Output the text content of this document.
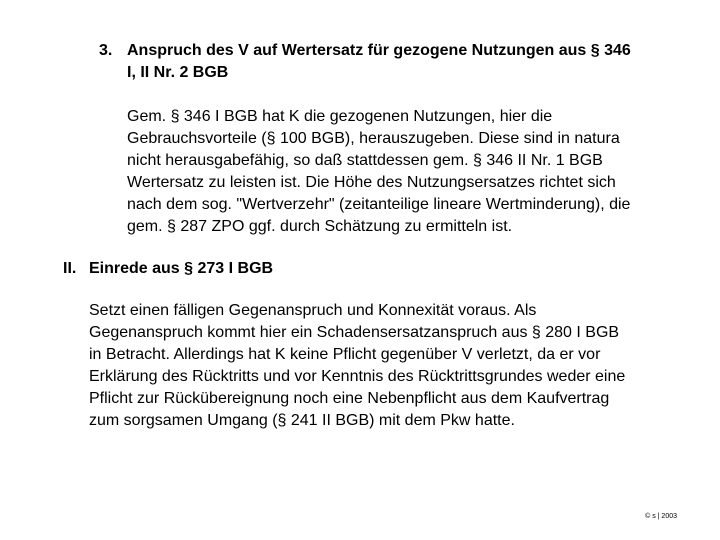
3. Anspruch des V auf Wertersatz für gezogene Nutzungen aus § 346
I, II Nr. 2 BGB
Gem. § 346 I BGB hat K die gezogenen Nutzungen, hier die
Gebrauchsvorteile (§ 100 BGB), herauszugeben. Diese sind in natura
nicht herausgabefähig, so daß stattdessen gem. § 346 II Nr. 1 BGB
Wertersatz zu leisten ist. Die Höhe des Nutzungsersatzes richtet sich
nach dem sog. "Wertverzehr" (zeitanteilige lineare Wertminderung), die
gem. § 287 ZPO ggf. durch Schätzung zu ermitteln ist.
II. Einrede aus § 273 I BGB
Setzt einen fälligen Gegenanspruch und Konnexität voraus. Als
Gegenanspruch kommt hier ein Schadensersatzanspruch aus § 280 I BGB
in Betracht. Allerdings hat K keine Pflicht gegenüber V verletzt, da er vor
Erklärung des Rücktritts und vor Kenntnis des Rücktrittsgrundes weder eine
Pflicht zur Rückübereignung noch eine Nebenpflicht aus dem Kaufvertrag
zum sorgsamen Umgang (§ 241 II BGB) mit dem Pkw hatte.
© s | 2003
